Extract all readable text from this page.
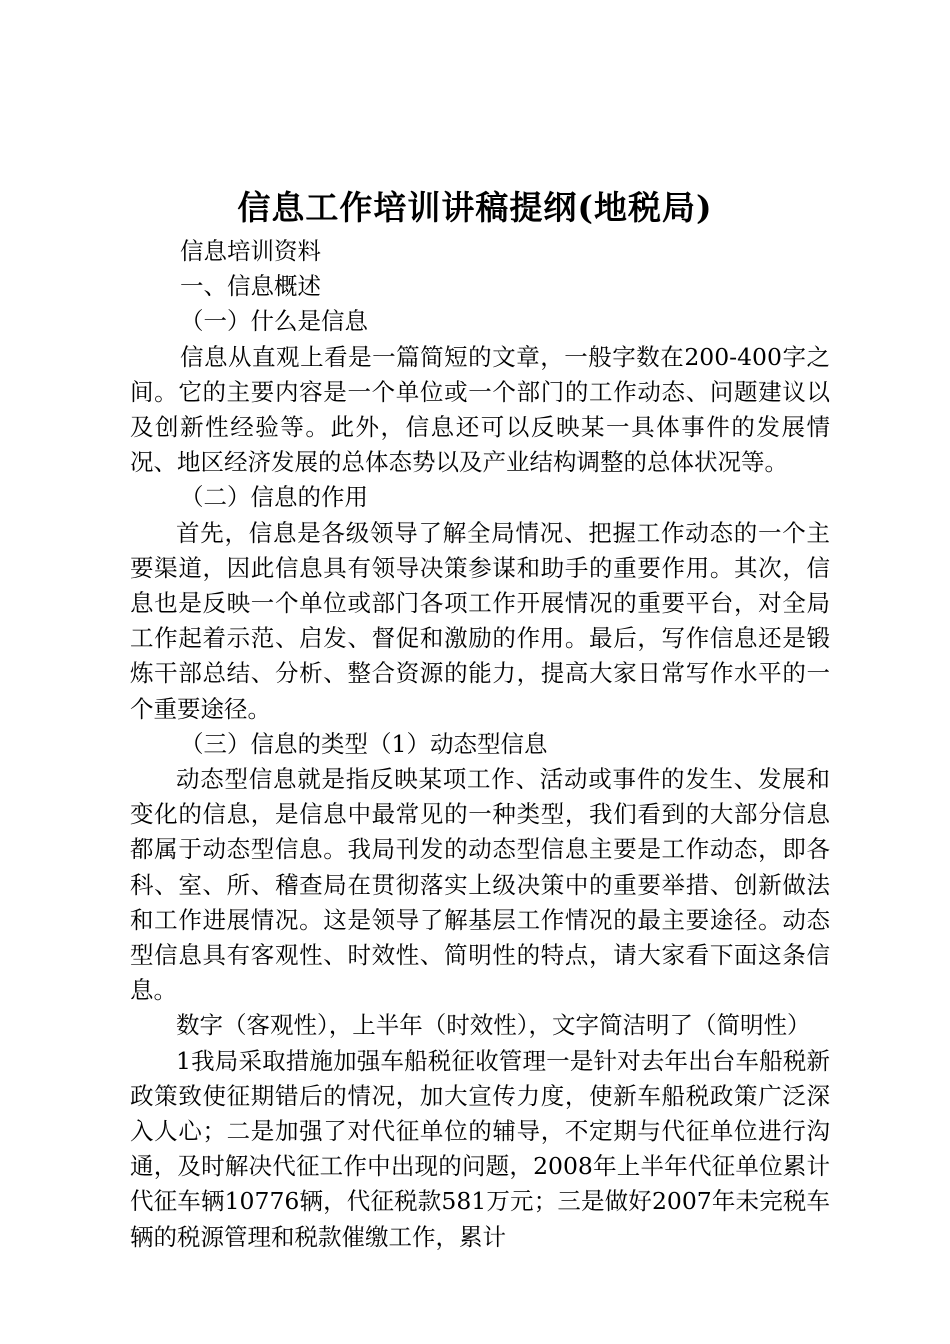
信息工作培训讲稿提纲(地税局)

信息培训资料

一、信息概述

（一）什么是信息

信息从直观上看是一篇简短的文章，一般字数在200-400字之间。它的主要内容是一个单位或一个部门的工作动态、问题建议以及创新性经验等。此外，信息还可以反映某一具体事件的发展情况、地区经济发展的总体态势以及产业结构调整的总体状况等。

（二）信息的作用

首先，信息是各级领导了解全局情况、把握工作动态的一个主要渠道，因此信息具有领导决策参谋和助手的重要作用。其次，信息也是反映一个单位或部门各项工作开展情况的重要平台，对全局工作起着示范、启发、督促和激励的作用。最后，写作信息还是锻炼干部总结、分析、整合资源的能力，提高大家日常写作水平的一个重要途径。

（三）信息的类型（1）动态型信息

动态型信息就是指反映某项工作、活动或事件的发生、发展和变化的信息，是信息中最常见的一种类型，我们看到的大部分信息都属于动态型信息。我局刊发的动态型信息主要是工作动态，即各科、室、所、稽查局在贯彻落实上级决策中的重要举措、创新做法和工作进展情况。这是领导了解基层工作情况的最主要途径。动态型信息具有客观性、时效性、简明性的特点，请大家看下面这条信息。

数字（客观性），上半年（时效性），文字简洁明了（简明性）

1我局采取措施加强车船税征收管理一是针对去年出台车船税新政策致使征期错后的情况，加大宣传力度，使新车船税政策广泛深入人心；二是加强了对代征单位的辅导，不定期与代征单位进行沟通，及时解决代征工作中出现的问题，2008年上半年代征单位累计代征车辆10776辆，代征税款581万元；三是做好2007年未完税车辆的税源管理和税款催缴工作，累计
